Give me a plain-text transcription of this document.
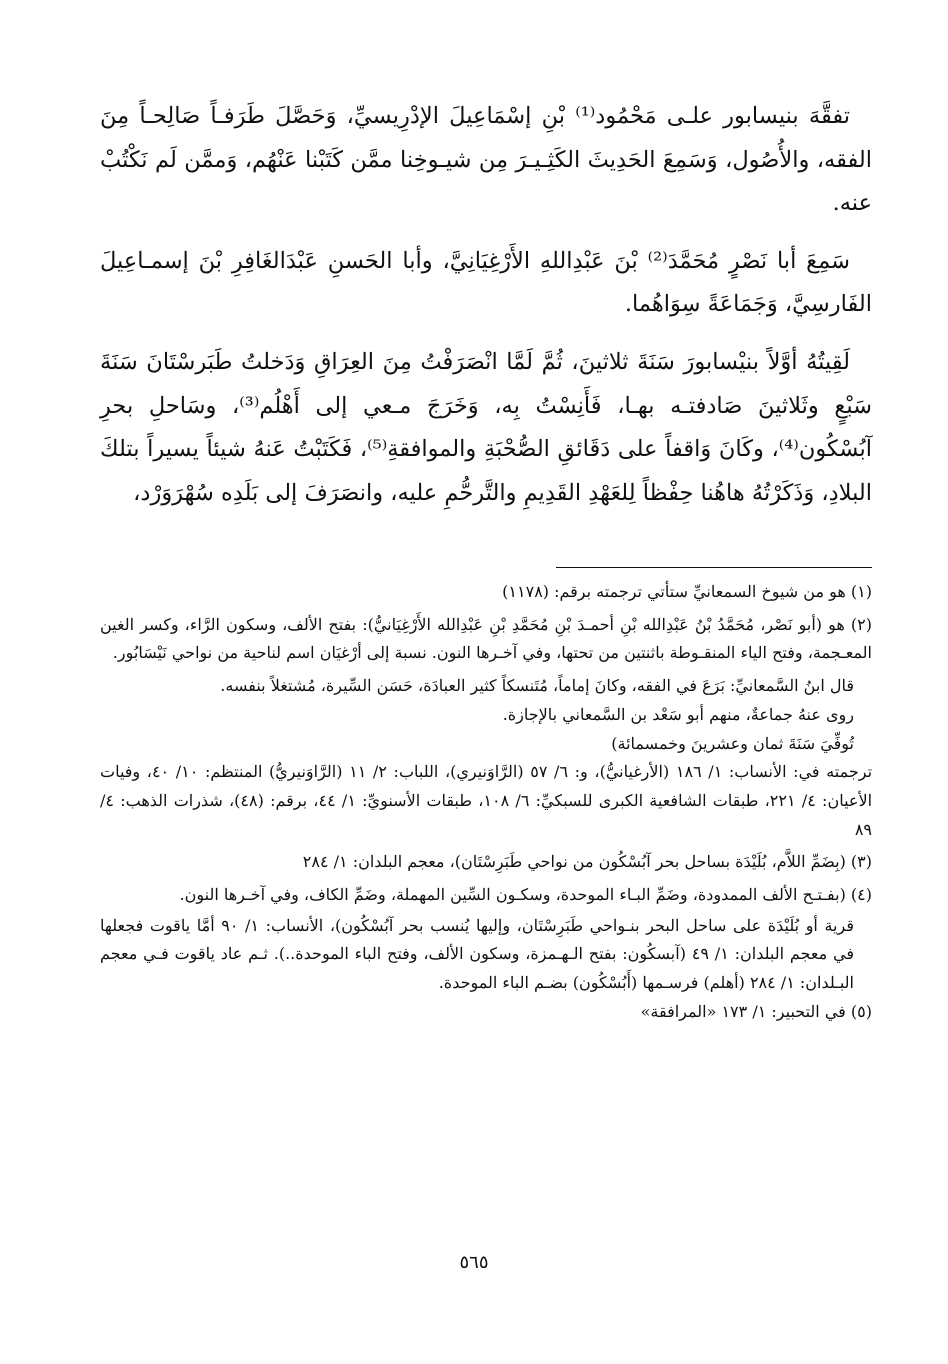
تفقَّهَ بنيسابور علـى مَحْمُود⁽¹⁾ بْنِ إسْمَاعِيلَ الإدْرِيسيِّ، وَحَصَّلَ طَرَفـاً صَالِحـاً مِنَ الفقه، والأُصُول، وَسَمِعَ الحَدِيثَ الكَثِـيـرَ مِن شيـوخِنا ممَّن كَتَبْنا عَنْهُم، وَممَّن لَم نَكْتُبْ عنه.

سَمِعَ أبا نَصْرٍ مُحَمَّدَ⁽²⁾ بْنَ عَبْدِاللهِ الأَرْغِيَانِيَّ، وأبا الحَسنِ عَبْدَالغَافِرِ بْنَ إسمـاعِيلَ الفَارسِيَّ، وَجَمَاعَةً سِوَاهُما.

لَقِيتُهُ أوَّلاً بنيْسابورَ سَنَةَ ثلاثينَ، ثُمَّ لَمَّا انْصَرَفْتُ مِنَ العِرَاقِ وَدَخلتُ طَبَرسْتَانَ سَنَةَ سَبْعٍ وثَلاثينَ صَادفتـه بهـا، فَأَنِسْتُ بِه، وَخَرَجَ مـعي إلى أَهْلُم⁽³⁾، وسَاحلِ بحرِ آبُسْكُون⁽⁴⁾، وكَانَ وَاقفاً على دَقَائقِ الصُّحْبَةِ والموافقةِ⁽⁵⁾، فَكَتَبْتُ عَنهُ شيئاً يسيراً بتلكَ البلادِ، وَذَكَرْتُهُ هاهُنا حِفْظاً لِلعَهْدِ القَدِيمِ والتَّرحُّمِ عليه، وانصَرَفَ إلى بَلَدِه سُهْرَوَرْد،

(١) هو من شيوخ السمعانيِّ ستأتي ترجمته برقم: (١١٧٨)
(٢) هو (أبو نَصْر، مُحَمَّدُ بْنُ عَبْدِالله بْنِ أحمـدَ بْنِ مُحَمَّدِ بْنِ عَبْدِالله الأَرْغِيَانيُّ): بفتح الألف، وسكون الرَّاء، وكسر الغين المعـجمة، وفتح الياء المنقـوطة باثنتين من تحتها، وفي آخـرها النون. نسبة إلى أرْغيَان اسم لناحية من نواحي نَيْسَابُور.
قال ابنُ السَّمعانيِّ: بَرَعَ في الفقه، وكانَ إماماً، مُتَنسكاً كثير العبادَة، حَسَن السِّيرة، مُشتغلاً بنفسه.
روى عنهُ جماعةٌ، منهم أبو سَعْد بن السَّمعاني بالإجازة.
تُوفِّيَ سَنَةَ ثمان وعشرينَ وخمسمائة)
ترجمته في: الأنساب: ١/ ١٨٦ (الأرغيانيُّ)، و: ٦/ ٥٧ (الرَّاوَنيري)، اللباب: ٢/ ١١ (الرَّاوَنيريُّ) المنتظم: ١٠/ ٤٠، وفيات الأعيان: ٤/ ٢٢١، طبقات الشافعية الكبرى للسبكيِّ: ٦/ ١٠٨، طبقات الأسنويِّ: ١/ ٤٤، برقم: (٤٨)، شذرات الذهب: ٤/ ٨٩
(٣) (بِضَمِّ اللاَّم، بُلَيْدَة بساحل بحر آبُسْكُون من نواحي طَبَرِسْتَان)، معجم البلدان: ١/ ٢٨٤
(٤) (بفـتـح الألف الممدودة، وضَمِّ البـاء الموحدة، وسكـون السِّين المهملة، وضَمِّ الكاف، وفي آخـرها النون.
قرية أو بُلَيْدَة على ساحل البحر بنـواحي طَبَرِسْتَان، وإليها يُنسب بحر آبُسْكُون)، الأنساب: ١/ ٩٠ أمَّا ياقوت فجعلها في معجم البلدان: ١/ ٤٩ (آبسكُون: بفتح الـهـمزة، وسكون الألف، وفتح الباء الموحدة..). ثـم عاد ياقوت فـي معجم البـلدان: ١/ ٢٨٤ (أهلم) فرسـمها (أَبُسْكُون) بضـم الباء الموحدة.
(٥) في التحبير: ١/ ١٧٣ «المرافقة»
٥٦٥
